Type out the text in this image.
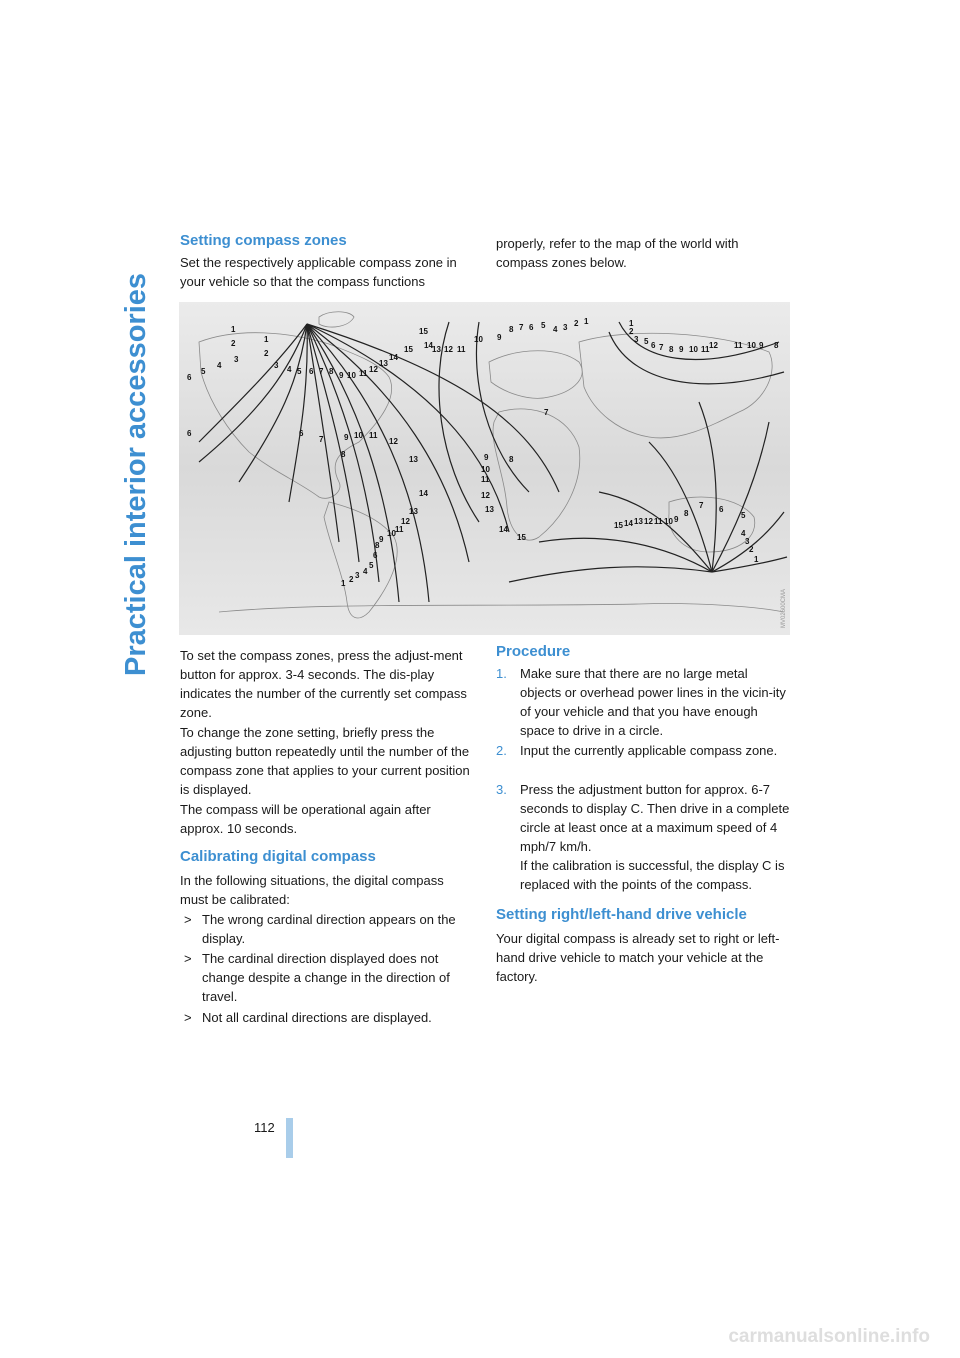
Practical interior accessories
Setting compass zones

Set the respectively applicable compass zone in your vehicle so that the compass functions

properly, refer to the map of the world with compass zones below.

1
2
3
4
5
6
1
2
3 4 5 6 7 8 9 10 11 12
13
14
15
15
14 13 12 11
10 9
8 7 6 5 4 3 2 1	1
2
3 5 6 7 8 9 10 11 12 11 10 9 8
6	6
7	9 10 11
12
13
8
14
13
12
11
10
9
8
6
5
4
3
2
1
8
9
10
11
12
13
14
15
7
15 14 13 12 11 10 9
8
7 6
5
4
3
2
1
MV02600CMA

To set the compass zones, press the adjust-ment button for approx. 3-4 seconds. The dis-play indicates the number of the currently set compass zone.

To change the zone setting, briefly press the adjusting button repeatedly until the number of the compass zone that applies to your current position is displayed.

The compass will be operational again after approx. 10 seconds.

Calibrating digital compass

In the following situations, the digital compass must be calibrated:

> The wrong cardinal direction appears on the display.
> The cardinal direction displayed does not change despite a change in the direction of travel.
> Not all cardinal directions are displayed.
Procedure
1. Make sure that there are no large metal objects or overhead power lines in the vicin-ity of your vehicle and that you have enough space to drive in a circle.
2. Input the currently applicable compass zone.
3. Press the adjustment button for approx. 6-7 seconds to display C. Then drive in a complete circle at least once at a maximum speed of 4 mph/7 km/h.
If the calibration is successful, the display C is replaced with the points of the compass.
Setting right/left-hand drive vehicle

Your digital compass is already set to right or left-hand drive vehicle to match your vehicle at the factory.

112
carmanualsonline.info
